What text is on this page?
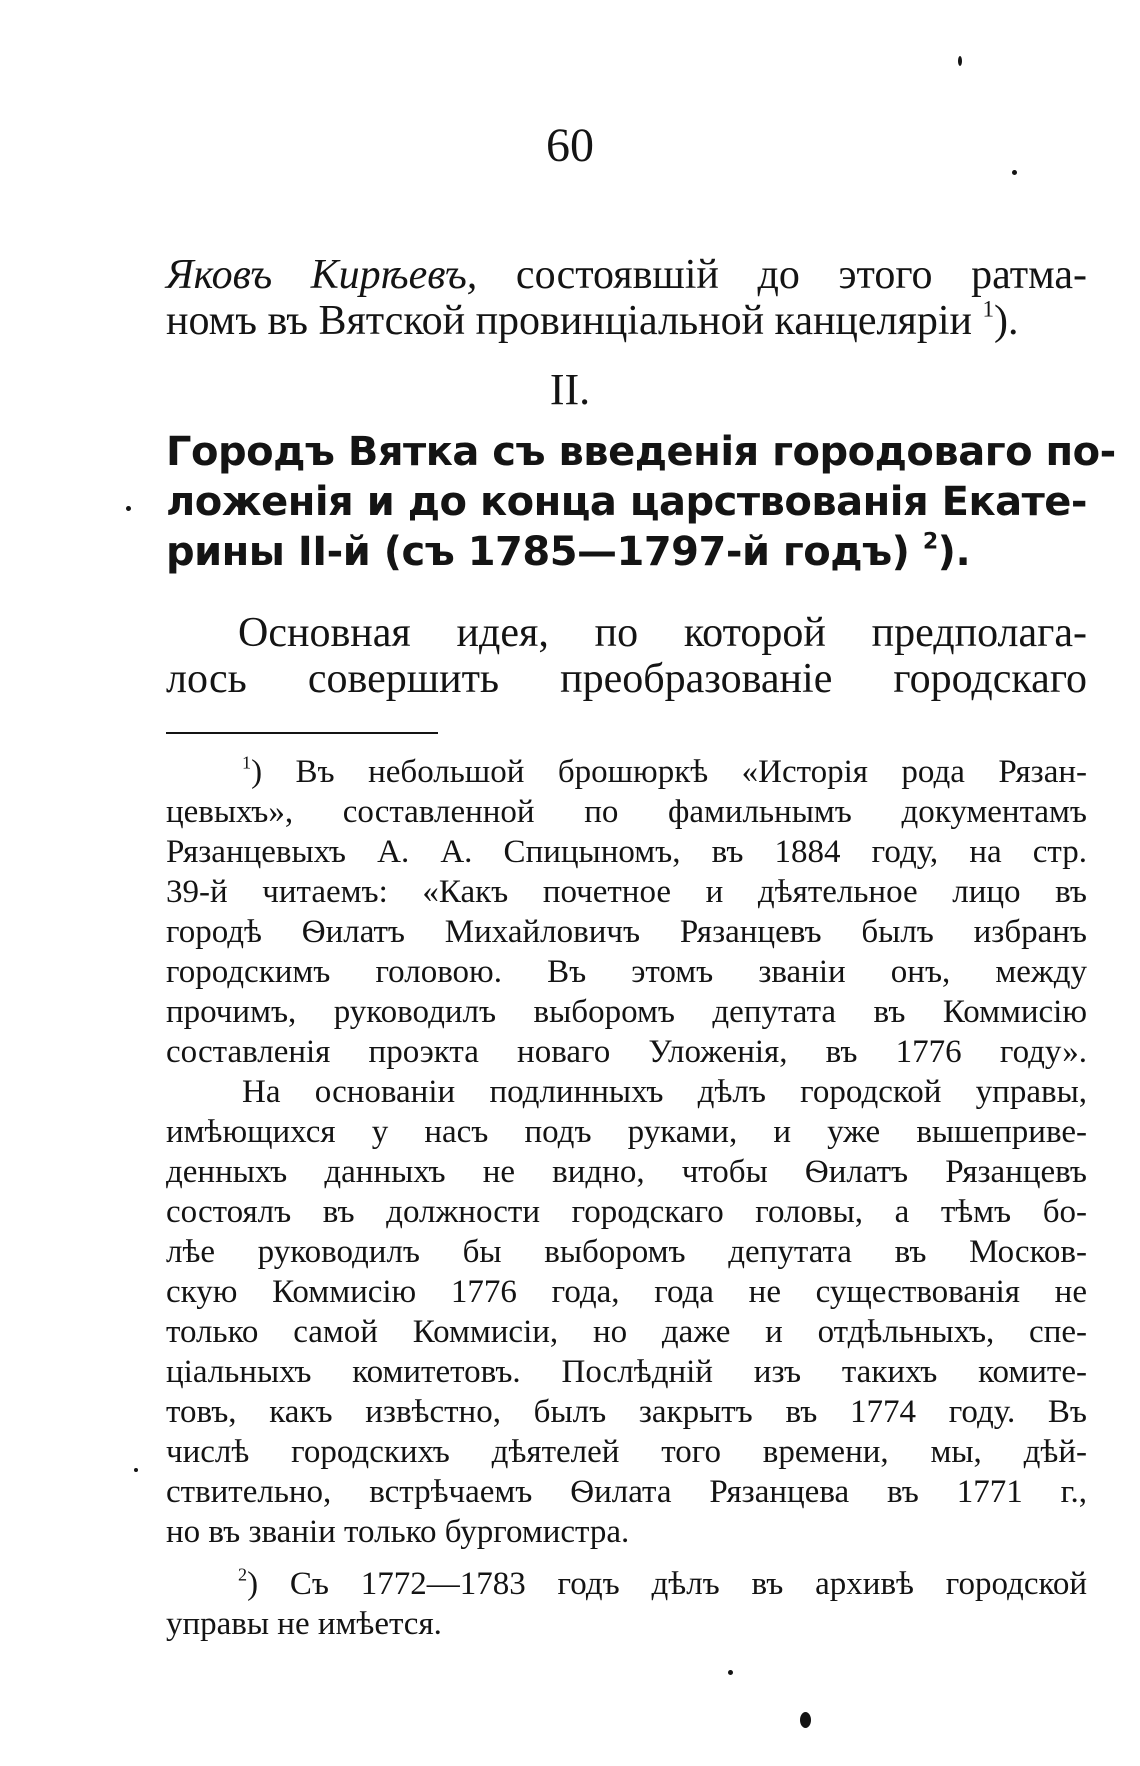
60
Яковъ Кирѣевъ, состоявшій до этого ратма-
номъ въ Вятской провинціальной канцеляріи $^1$).
II.
Городъ Вятка съ введенія городоваго по-
ложенія и до конца царствованія Екате-
рины II-й (съ 1785—1797-й годъ) $^2$).
Основная идея, по которой предполага-
лось совершить преобразованіе городскаго
$^1$) Въ небольшой брошюркѣ «Исторія рода Рязан-
цевыхъ», составленной по фамильнымъ документамъ
Рязанцевыхъ А. А. Спицыномъ, въ 1884 году, на стр.
39-й читаемъ: «Какъ почетное и дѣятельное лицо въ
городѣ Ѳилатъ Михайловичъ Рязанцевъ былъ избранъ
городскимъ головою. Въ этомъ званіи онъ, между
прочимъ, руководилъ выборомъ депутата въ Коммисію
составленія проэкта новаго Уложенія, въ 1776 году».
На основаніи подлинныхъ дѣлъ городской управы,
имѣющихся у насъ подъ руками, и уже вышеприве-
денныхъ данныхъ не видно, чтобы Ѳилатъ Рязанцевъ
состоялъ въ должности городскаго головы, а тѣмъ бо-
лѣе руководилъ бы выборомъ депутата въ Москов-
скую Коммисію 1776 года, года не существованія не
только самой Коммисіи, но даже и отдѣльныхъ, спе-
ціальныхъ комитетовъ. Послѣдній изъ такихъ комите-
товъ, какъ извѣстно, былъ закрытъ въ 1774 году. Въ
числѣ городскихъ дѣятелей того времени, мы, дѣй-
ствительно, встрѣчаемъ Ѳилата Рязанцева въ 1771 г.,
но въ званіи только бургомистра.
$^2$) Съ 1772—1783 годъ дѣлъ въ архивѣ городской
управы не имѣется.
